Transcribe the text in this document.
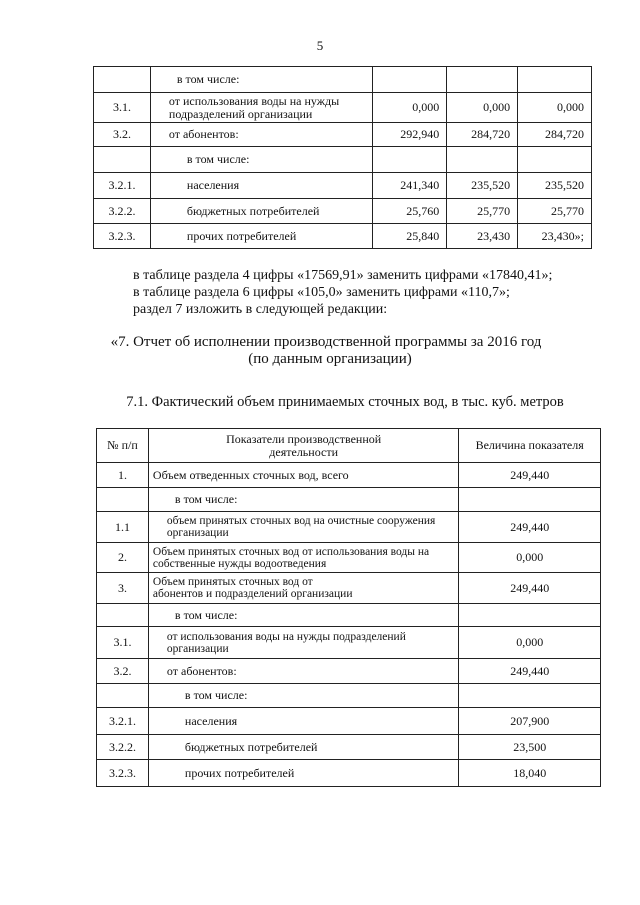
5
	в том числе:			
3.1.	от использования воды на нужды подразделений организации	0,000	0,000	0,000
3.2.	от абонентов:	292,940	284,720	284,720
	в том числе:			
3.2.1.	населения	241,340	235,520	235,520
3.2.2.	бюджетных потребителей	25,760	25,770	25,770
3.2.3.	прочих потребителей	25,840	23,430	23,430»;
в таблице раздела 4 цифры «17569,91» заменить цифрами «17840,41»;
в таблице раздела 6 цифры «105,0» заменить цифрами «110,7»;
раздел 7 изложить в следующей редакции:
«7. Отчет об исполнении производственной программы за 2016 год
(по данным организации)
7.1. Фактический объем принимаемых сточных вод, в тыс. куб. метров
№ п/п	Показатели производственной деятельности	Величина показателя
1.	Объем отведенных сточных вод, всего	249,440
	в том числе:	
1.1	объем принятых сточных вод на очистные сооружения организации	249,440
2.	Объем принятых сточных вод от использования воды на собственные нужды водоотведения	0,000
3.	Объем принятых сточных вод от абонентов и подразделений организации	249,440
	в том числе:	
3.1.	от использования воды на нужды подразделений организации	0,000
3.2.	от абонентов:	249,440
	в том числе:	
3.2.1.	населения	207,900
3.2.2.	бюджетных потребителей	23,500
3.2.3.	прочих потребителей	18,040
